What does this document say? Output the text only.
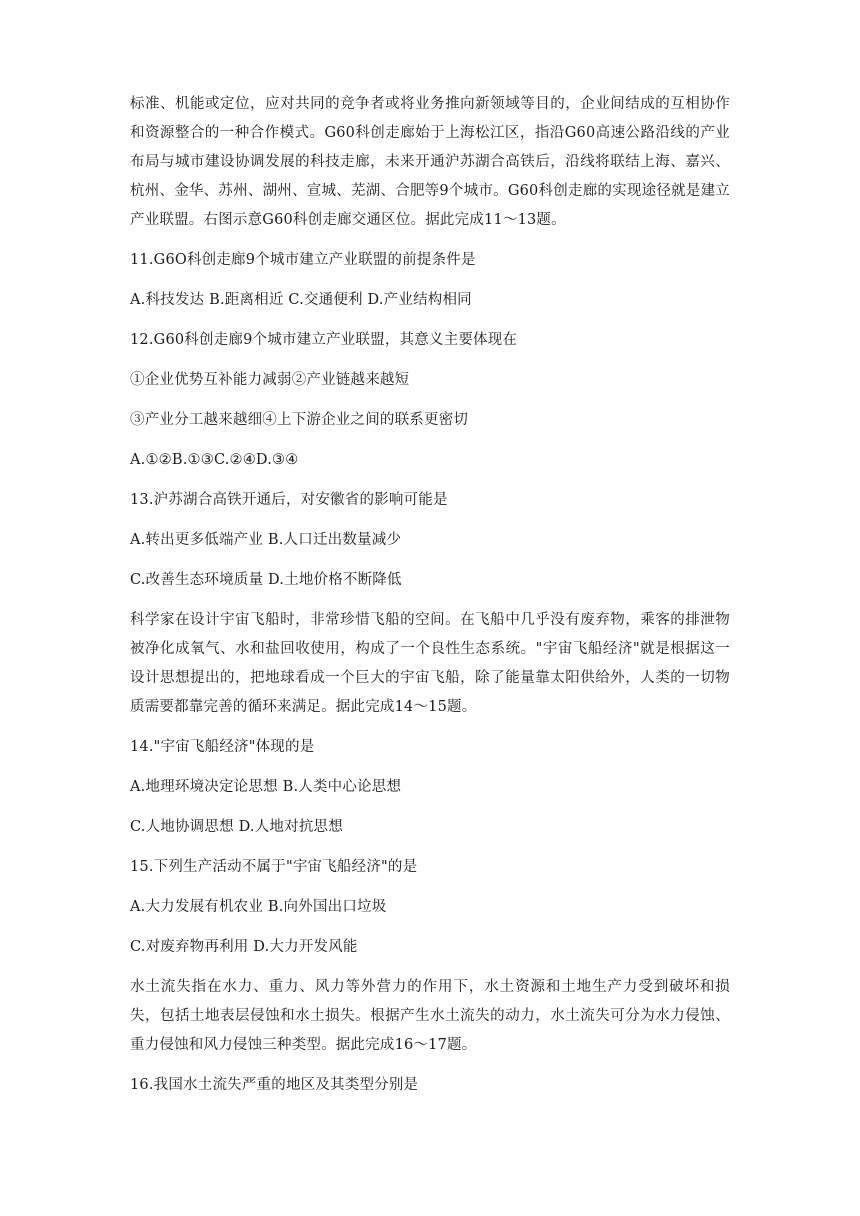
标准、机能或定位，应对共同的竞争者或将业务推向新领域等目的，企业间结成的互相协作和资源整合的一种合作模式。G60科创走廊始于上海松江区，指沿G60高速公路沿线的产业布局与城市建设协调发展的科技走廊，未来开通沪苏湖合高铁后，沿线将联结上海、嘉兴、杭州、金华、苏州、湖州、宣城、芜湖、合肥等9个城市。G60科创走廊的实现途径就是建立产业联盟。右图示意G60科创走廊交通区位。据此完成11～13题。

11.G6O科创走廊9个城市建立产业联盟的前提条件是

A.科技发达 B.距离相近 C.交通便利 D.产业结构相同

12.G60科创走廊9个城市建立产业联盟，其意义主要体现在

①企业优势互补能力减弱②产业链越来越短

③产业分工越来越细④上下游企业之间的联系更密切

A.①②B.①③C.②④D.③④

13.沪苏湖合高铁开通后，对安徽省的影响可能是

A.转出更多低端产业 B.人口迁出数量减少

C.改善生态环境质量 D.土地价格不断降低

科学家在设计宇宙飞船时，非常珍惜飞船的空间。在飞船中几乎没有废弃物，乘客的排泄物被净化成氧气、水和盐回收使用，构成了一个良性生态系统。"宇宙飞船经济"就是根据这一设计思想提出的，把地球看成一个巨大的宇宙飞船，除了能量靠太阳供给外，人类的一切物质需要都靠完善的循环来满足。据此完成14～15题。

14."宇宙飞船经济"体现的是

A.地理环境决定论思想 B.人类中心论思想

C.人地协调思想 D.人地对抗思想

15.下列生产活动不属于"宇宙飞船经济"的是

A.大力发展有机农业 B.向外国出口垃圾

C.对废弃物再利用 D.大力开发风能

水土流失指在水力、重力、风力等外营力的作用下，水土资源和土地生产力受到破坏和损失，包括土地表层侵蚀和水土损失。根据产生水土流失的动力，水土流失可分为水力侵蚀、重力侵蚀和风力侵蚀三种类型。据此完成16～17题。

16.我国水土流失严重的地区及其类型分别是
